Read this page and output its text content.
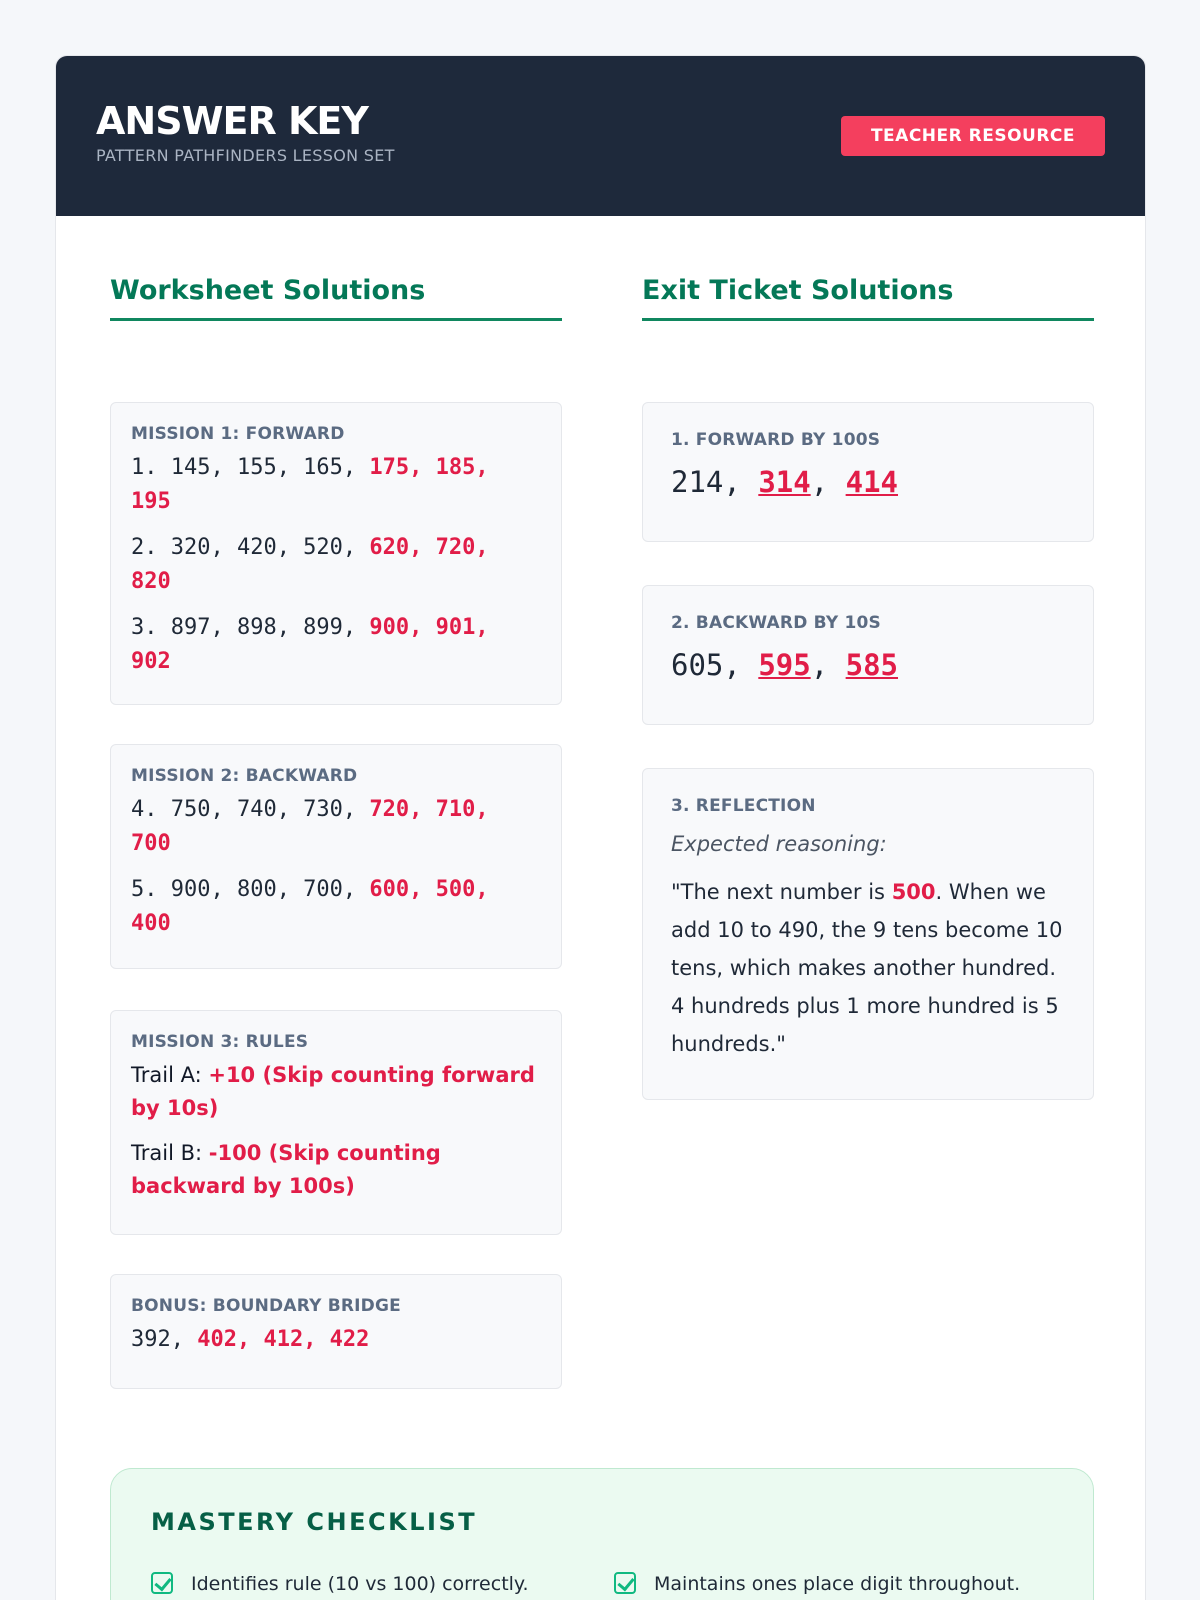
ANSWER KEY
PATTERN PATHFINDERS LESSON SET
TEACHER RESOURCE
Worksheet Solutions
MISSION 1: FORWARD
1. 145, 155, 165, 175, 185, 195
2. 320, 420, 520, 620, 720, 820
3. 897, 898, 899, 900, 901, 902
MISSION 2: BACKWARD
4. 750, 740, 730, 720, 710, 700
5. 900, 800, 700, 600, 500, 400
MISSION 3: RULES
Trail A: +10 (Skip counting forward by 10s)
Trail B: -100 (Skip counting backward by 100s)
BONUS: BOUNDARY BRIDGE
392, 402, 412, 422
Exit Ticket Solutions
1. FORWARD BY 100S
214, 314, 414
2. BACKWARD BY 10S
605, 595, 585
3. REFLECTION
Expected reasoning:
"The next number is 500. When we add 10 to 490, the 9 tens become 10 tens, which makes another hundred. 4 hundreds plus 1 more hundred is 5 hundreds."
MASTERY CHECKLIST
Identifies rule (10 vs 100) correctly.	Maintains ones place digit throughout.
